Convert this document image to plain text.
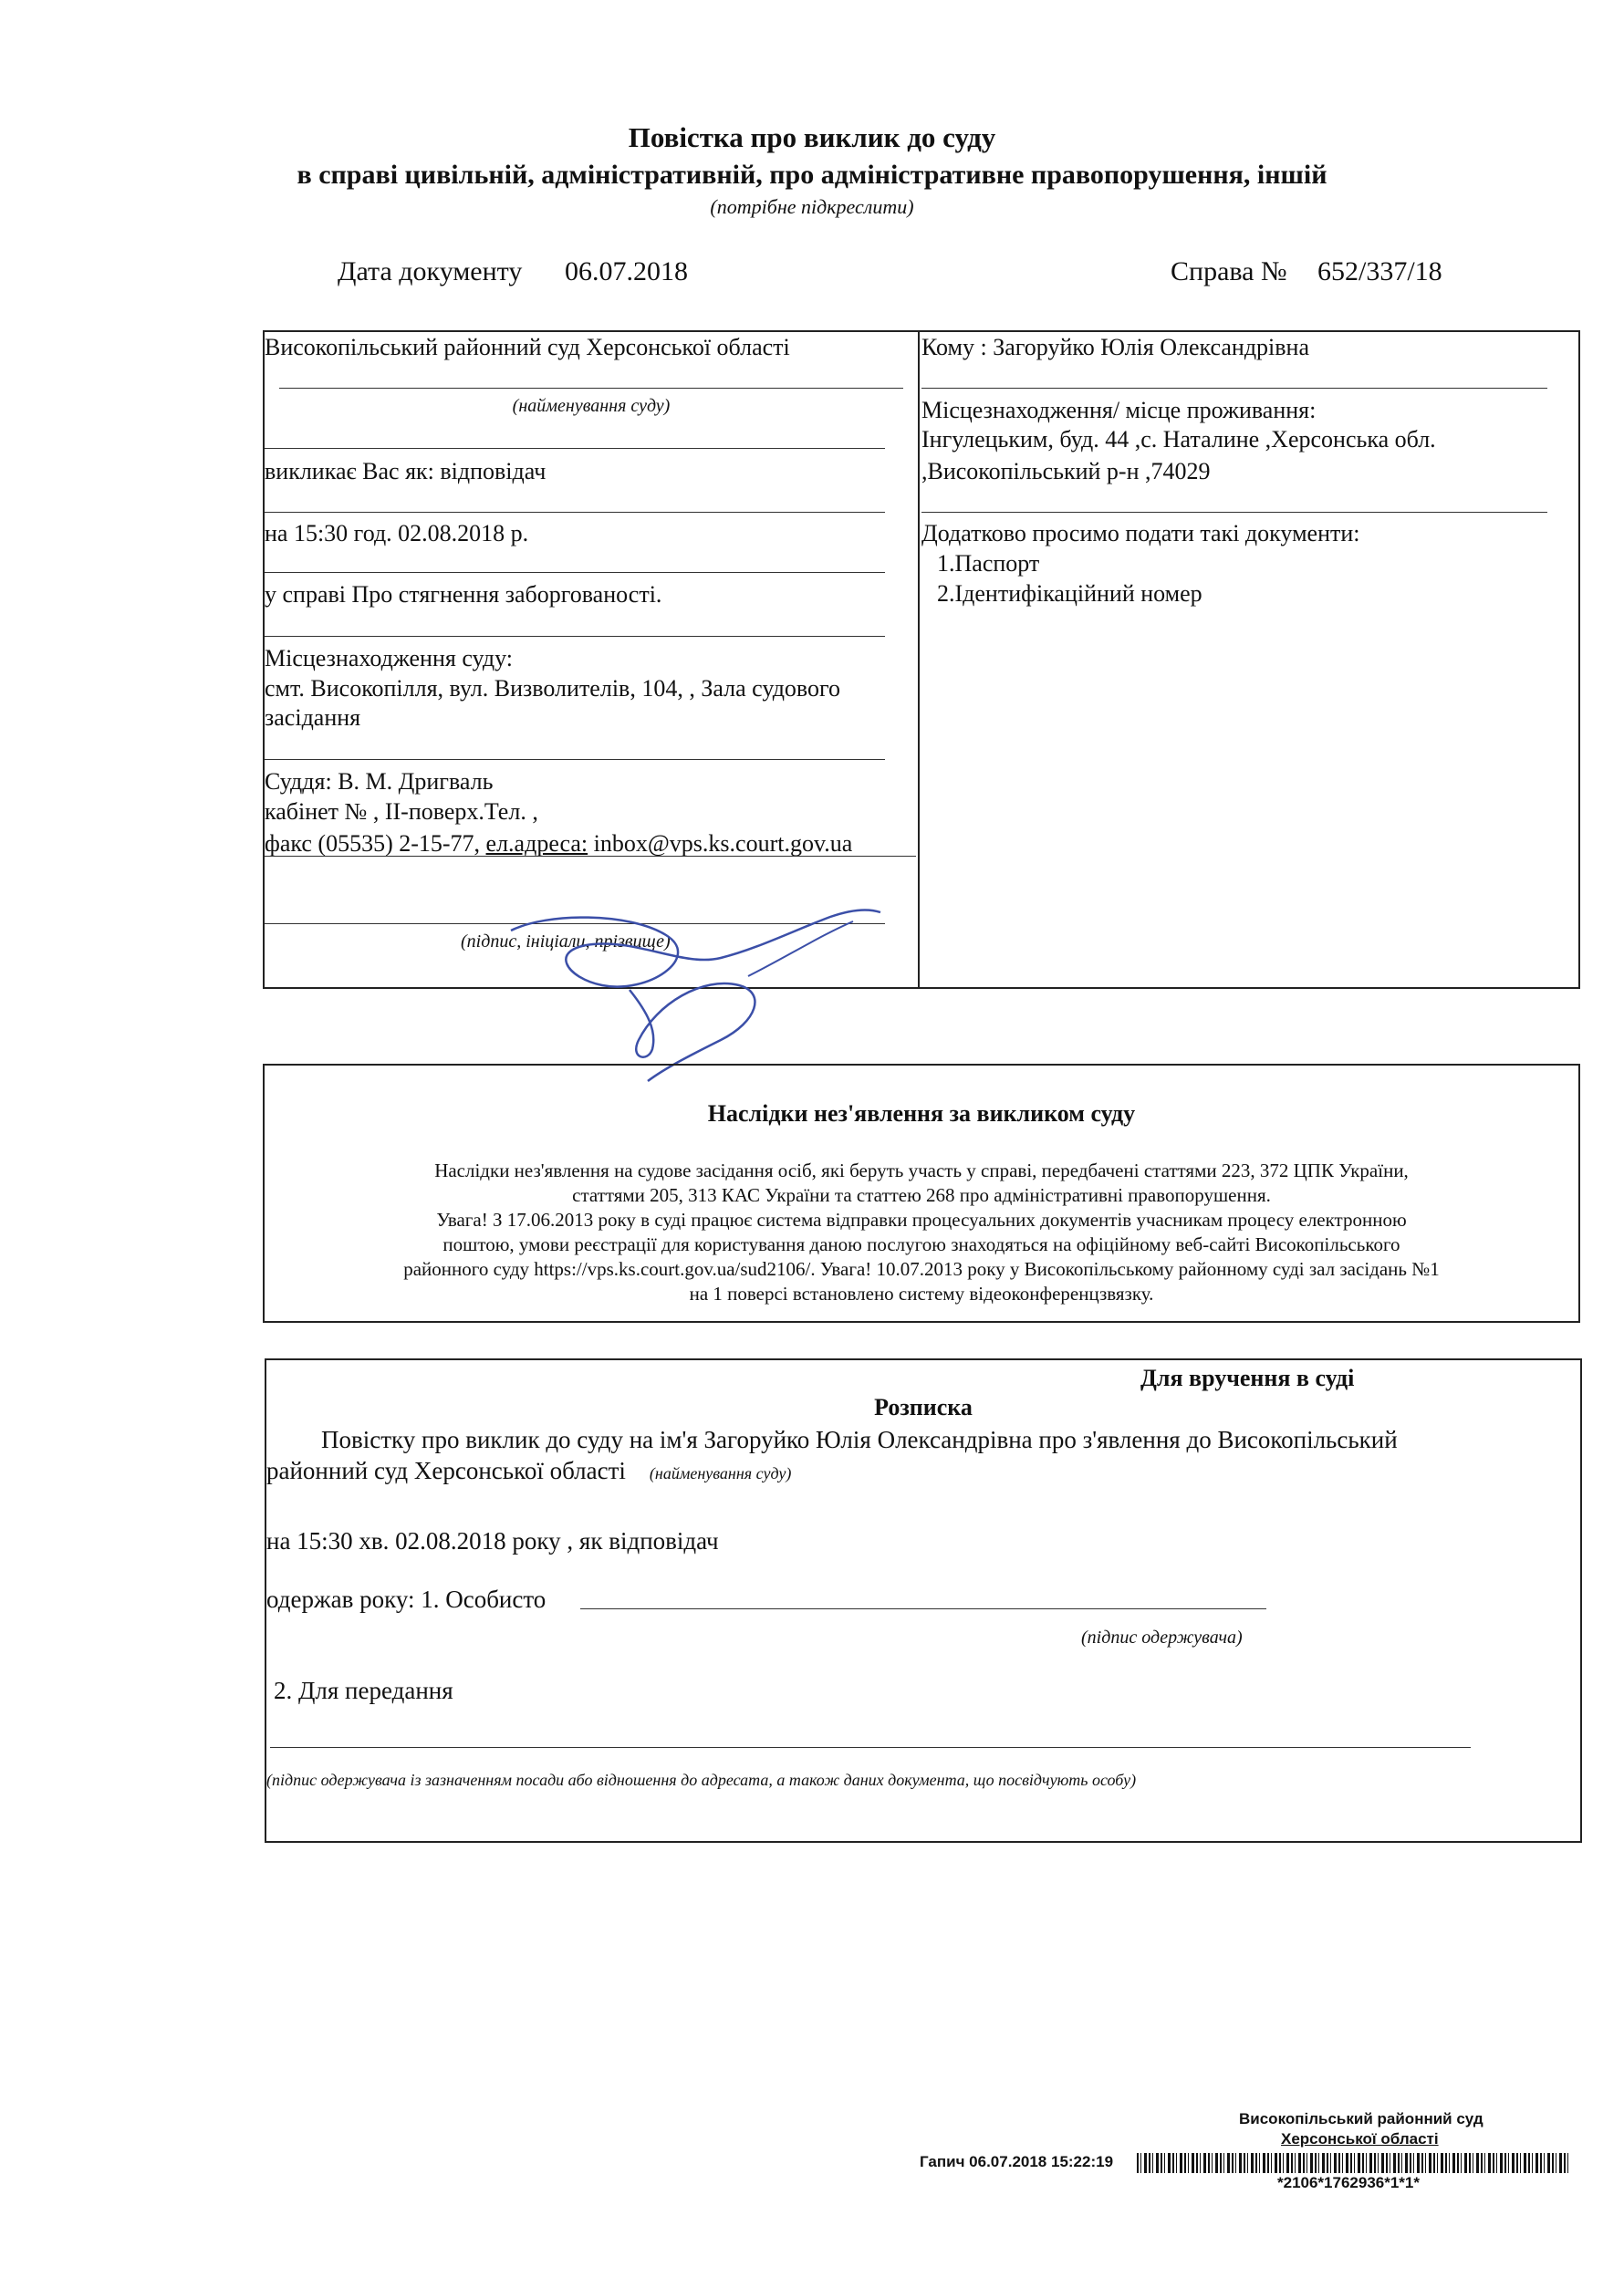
Повістка про виклик до суду
в справі цивільній, адміністративній, про адміністративне правопорушення, іншій
(потрібне підкреслити)
Дата документу 06.07.2018	Справа № 652/337/18
Високопільський районний суд Херсонської області
(найменування суду)
викликає Вас як: відповідач
на 15:30 год. 02.08.2018 р.
у справі Про стягнення заборгованості.
Місцезнаходження суду:
смт. Високопілля, вул. Визволителів, 104, , Зала судового
засідання
Суддя: В. М. Дригваль
кабінет № , II-поверх.Тел. ,
факс (05535) 2-15-77, ел.адреса: inbox@vps.ks.court.gov.ua
(підпис, ініціали, прізвище)
Кому : Загоруйко Юлія Олександрівна
Місцезнаходження/ місце проживання:
Інгулецьким, буд. 44 ,с. Наталине ,Херсонська обл.
,Високопільський р-н ,74029
Додатково просимо подати такі документи:
1.Паспорт
2.Ідентифікаційний номер
Наслідки нез'явлення за викликом суду
Наслідки нез'явлення на судове засідання осіб, які беруть участь у справі, передбачені статтями 223, 372 ЦПК України,
статтями 205, 313 КАС України та статтею 268 про адміністративні правопорушення.
Увага! З 17.06.2013 року в суді працює система відправки процесуальних документів учасникам процесу електронною
поштою, умови реєстрації для користування даною послугою знаходяться на офіційному веб-сайті Високопільського
районного суду https://vps.ks.court.gov.ua/sud2106/. Увага! 10.07.2013 року у Високопільському районному суді зал засідань №1
на 1 поверсі встановлено систему відеоконференцзвязку.
Для вручення в суді
Розписка
Повістку про виклик до суду на ім'я Загоруйко Юлія Олександрівна про з'явлення до Високопільський
районний суд Херсонської області (найменування суду)
на 15:30 хв. 02.08.2018 року , як відповідач
одержав року: 1. Особисто
(підпис одержувача)
2. Для передання
(підпис одержувача із зазначенням посади або відношення до адресата, а також даних документа, що посвідчують особу)
Високопільський районний суд
Херсонської області
Гапич 06.07.2018 15:22:19
*2106*1762936*1*1*
